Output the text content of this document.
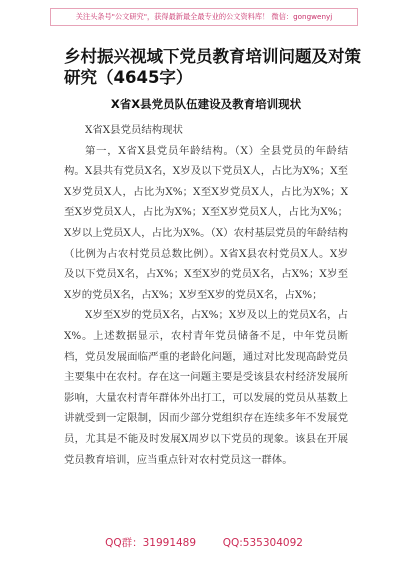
关注头条号"公文研究"，获得最新最全最专业的公文资料库！ 微信：gongwenyj
乡村振兴视域下党员教育培训问题及对策研究（4645字）
X省X县党员队伍建设及教育培训现状

X省X县党员结构现状

第一，X省X县党员年龄结构。（X）全县党员的年龄结构。X县共有党员X名，X岁及以下党员X人，占比为X%；X至X岁党员X人，占比为X%；X至X岁党员X人，占比为X%；X至X岁党员X人，占比为X%；X至X岁党员X人，占比为X%；X岁以上党员X人，占比为X%。（X）农村基层党员的年龄结构（比例为占农村党员总数比例）。X省X县农村党员X人。X岁及以下党员X名，占X%；X至X岁的党员X名，占X%；X岁至X岁的党员X名，占X%；X岁至X岁的党员X名，占X%；

X岁至X岁的党员X名，占X%；X岁及以上的党员X名，占X%。上述数据显示，农村青年党员储备不足，中年党员断档，党员发展面临严重的老龄化问题，通过对比发现高龄党员主要集中在农村。存在这一问题主要是受该县农村经济发展所影响，大量农村青年群体外出打工，可以发展的党员从基数上讲就受到一定限制，因而少部分党组织存在连续多年不发展党员，尤其是不能及时发展X周岁以下党员的现象。该县在开展党员教育培训，应当重点针对农村党员这一群体。

QQ群：31991489        QQ:535304092
